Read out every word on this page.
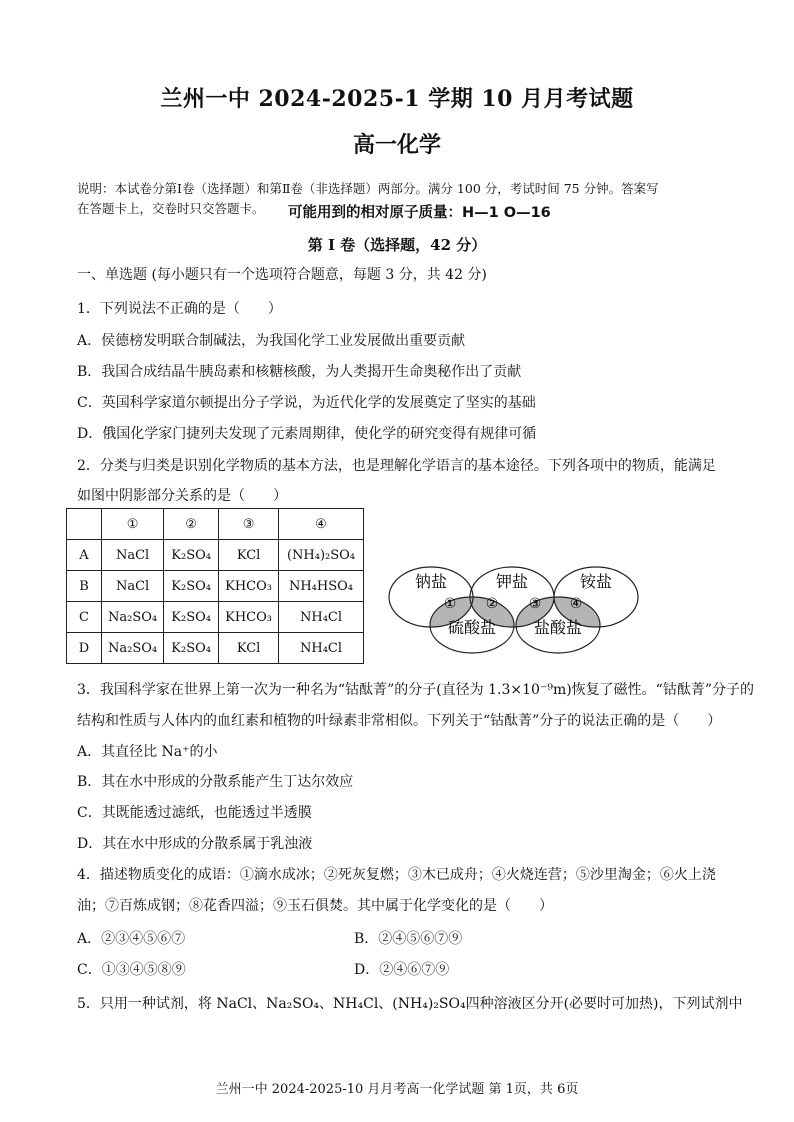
兰州一中 2024-2025-1 学期 10 月月考试题
高一化学
说明：本试卷分第Ⅰ卷（选择题）和第Ⅱ卷（非选择题）两部分。满分 100 分，考试时间 75 分钟。答案写
在答题卡上，交卷时只交答题卡。 可能用到的相对原子质量：H—1 O—16
第 I 卷（选择题，42 分）
一、单选题 (每小题只有一个选项符合题意，每题 3 分，共 42 分)
1．下列说法不正确的是（　　）
A．侯德榜发明联合制碱法，为我国化学工业发展做出重要贡献
B．我国合成结晶牛胰岛素和核糖核酸，为人类揭开生命奥秘作出了贡献
C．英国科学家道尔顿提出分子学说，为近代化学的发展奠定了坚实的基础
D．俄国化学家门捷列夫发现了元素周期律，使化学的研究变得有规律可循
2．分类与归类是识别化学物质的基本方法，也是理解化学语言的基本途径。下列各项中的物质，能满足
如图中阴影部分关系的是（　　）
	①	②	③	④
A	NaCl	K₂SO₄	KCl	(NH₄)₂SO₄
B	NaCl	K₂SO₄	KHCO₃	NH₄HSO₄
C	Na₂SO₄	K₂SO₄	KHCO₃	NH₄Cl
D	Na₂SO₄	K₂SO₄	KCl	NH₄Cl
钠盐	钾盐	铵盐
硫酸盐 盐酸盐
① ② ③ ④
3．我国科学家在世界上第一次为一种名为“钴酞菁”的分子(直径为 1.3×10⁻⁹m)恢复了磁性。“钴酞菁”分子的
结构和性质与人体内的血红素和植物的叶绿素非常相似。下列关于“钴酞菁”分子的说法正确的是（　　）
A．其直径比 Na⁺的小
B．其在水中形成的分散系能产生丁达尔效应
C．其既能透过滤纸，也能透过半透膜
D．其在水中形成的分散系属于乳浊液
4．描述物质变化的成语：①滴水成冰；②死灰复燃；③木已成舟；④火烧连营；⑤沙里淘金；⑥火上浇
油；⑦百炼成钢；⑧花香四溢；⑨玉石俱焚。其中属于化学变化的是（　　）
A．②③④⑤⑥⑦	B．②④⑤⑥⑦⑨
C．①③④⑤⑧⑨	D．②④⑥⑦⑨
5．只用一种试剂，将 NaCl、Na₂SO₄、NH₄Cl、(NH₄)₂SO₄四种溶液区分开(必要时可加热)，下列试剂中
兰州一中 2024-2025-10 月月考高一化学试题 第 1页，共 6页
